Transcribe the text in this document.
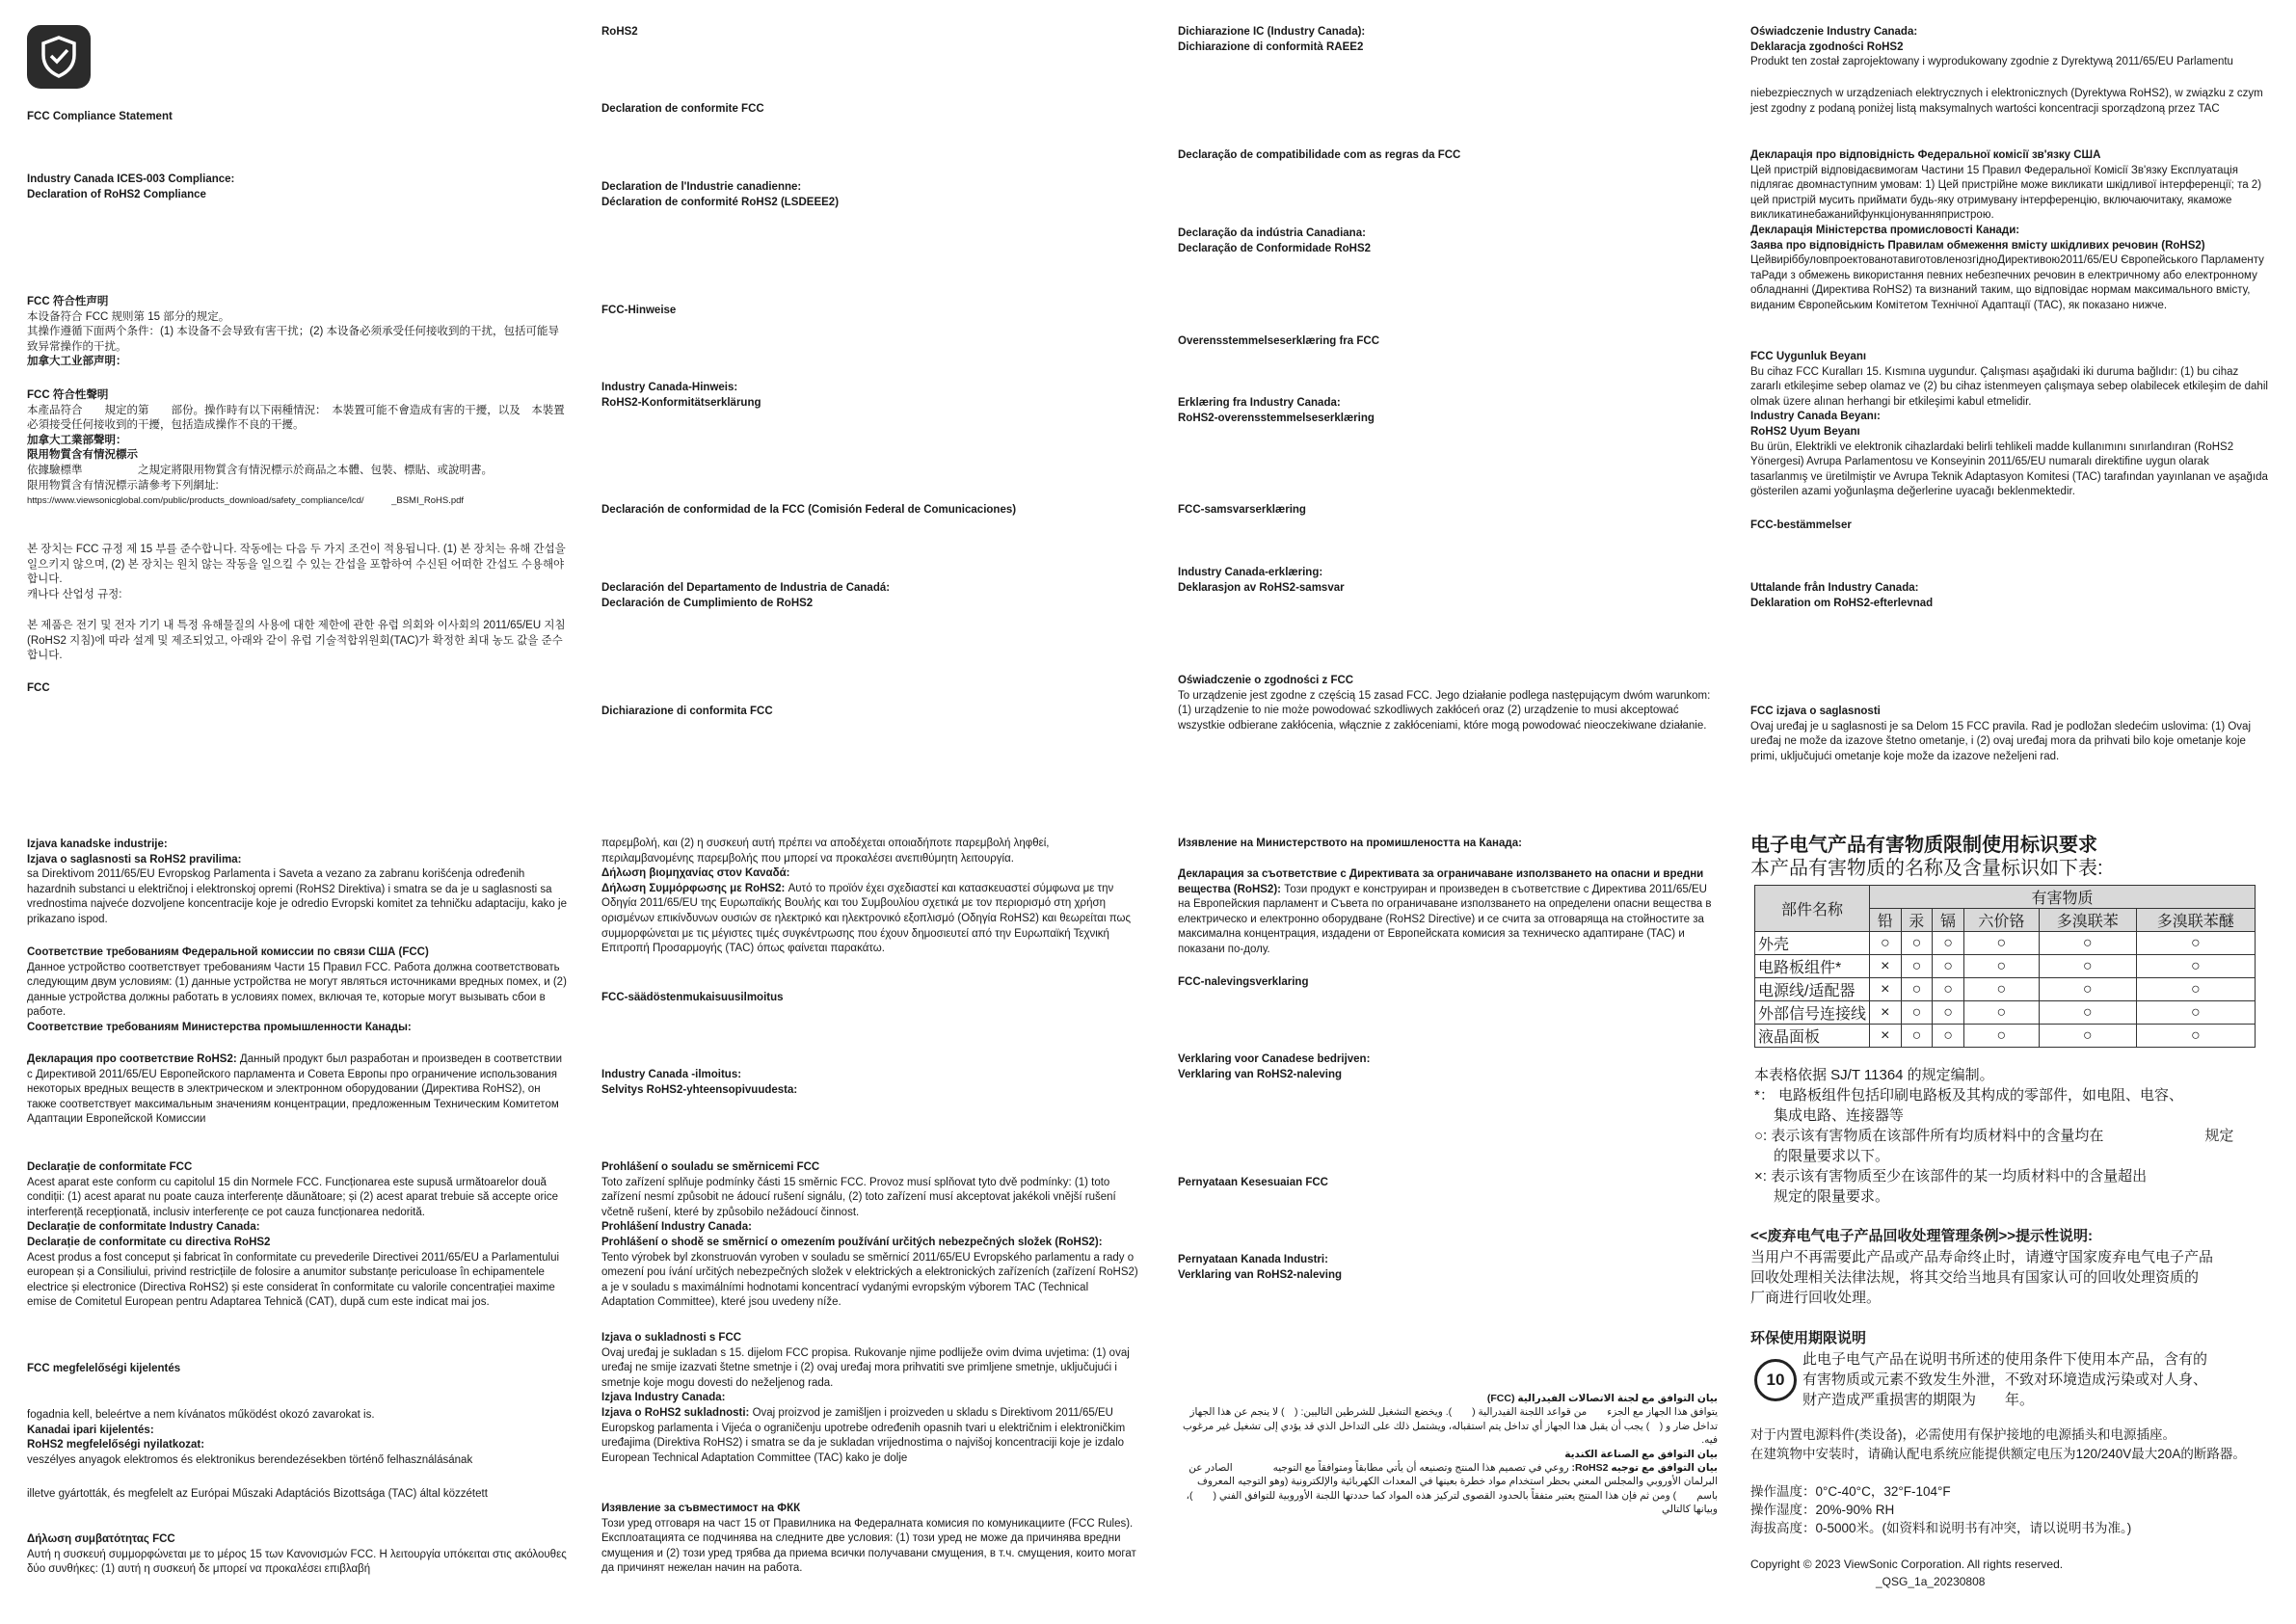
FCC Compliance Statement
Industry Canada ICES-003 Compliance:
Declaration of RoHS2 Compliance
FCC 符合性声明
本设备符合 FCC 规则第 15 部分的规定。
其操作遵循下面两个条件：(1) 本设备不会导致有害干扰；(2) 本设备必须承受任何接收到的干扰，包括可能导致异常操作的干扰。
加拿大工业部声明：
FCC 符合性聲明
本產品符合　　規定的第　　部份。操作時有以下兩種情況：　本裝置可能不會造成有害的干擾，以及　本裝置必須接受任何接收到的干擾，包括造成操作不良的干擾。
加拿大工業部聲明：
限用物質含有情況標示
依據驗標準　　　　　之規定將限用物質含有情況標示於商品之本體、包裝、標貼、或說明書。
限用物質含有情況標示請參考下列網址:
https://www.viewsonicglobal.com/public/products_download/safety_compliance/lcd/　　　_BSMI_RoHS.pdf
본 장치는 FCC 규정 제 15 부를 준수합니다. 작동에는 다음 두 가지 조건이 적용됩니다. (1) 본 장치는 유해 간섭을 일으키지 않으며, (2) 본 장치는 원치 않는 작동을 일으킬 수 있는 간섭을 포함하여 수신된 어떠한 간섭도 수용해야 합니다.
캐나다 산업성 규정:
본 제품은 전기 및 전자 기기 내 특정 유해물질의 사용에 대한 제한에 관한 유럽 의회와 이사회의 2011/65/EU 지침(RoHS2 지침)에 따라 설계 및 제조되었고, 아래와 같이 유럽 기술적합위원회(TAC)가 확정한 최대 농도 값을 준수합니다.
FCC
Izjava kanadske industrije:
Izjava o saglasnosti sa RoHS2 pravilima:
sa Direktivom 2011/65/EU Evropskog Parlamenta i Saveta a vezano za zabranu korišćenja određenih hazardnih substanci u električnoj i elektronskoj opremi (RoHS2 Direktiva) i smatra se da je u saglasnosti sa vrednostima najveće dozvoljene koncentracije koje je odredio Evropski komitet za tehničku adaptaciju, kako je prikazano ispod.
Соответствие требованиям Федеральной комиссии по связи США (FCC)
Данное устройство соответствует требованиям Части 15 Правил FCC. Работа должна соответствовать следующим двум условиям: (1) данные устройства не могут являться источниками вредных помех, и (2) данные устройства должны работать в условиях помех, включая те, которые могут вызывать сбои в работе.
Соответствие требованиям Министерства промышленности Канады:
Декларация про соответствие RoHS2: Данный продукт был разработан и произведен в соответствии с Директивой 2011/65/EU Европейского парламента и Совета Европы про ограничение использования некоторых вредных веществ в электрическом и электронном оборудовании (Директива RoHS2), он также соответствует максимальным значениям концентрации, предложенным Техническим Комитетом Адаптации Европейской Комиссии
Declarație de conformitate FCC
Acest aparat este conform cu capitolul 15 din Normele FCC. Funcționarea este supusă următoarelor două condiții: (1) acest aparat nu poate cauza interferențe dăunătoare; și (2) acest aparat trebuie să accepte orice interferență recepționată, inclusiv interferențe ce pot cauza funcționarea nedorită.
Declarație de conformitate Industry Canada:
Declarație de conformitate cu directiva RoHS2
Acest produs a fost conceput și fabricat în conformitate cu prevederile Directivei 2011/65/EU a Parlamentului european și a Consiliului, privind restricțiile de folosire a anumitor substanțe periculoase în echipamentele electrice și electronice (Directiva RoHS2) și este considerat în conformitate cu valorile concentrației maxime emise de Comitetul European pentru Adaptarea Tehnică (CAT), după cum este indicat mai jos.
FCC megfelelőségi kijelentés
fogadnia kell, beleértve a nem kívánatos működést okozó zavarokat is.
Kanadai ipari kijelentés:
RoHS2 megfelelőségi nyilatkozat:
veszélyes anyagok elektromos és elektronikus berendezésekben történő felhasználásának
illetve gyártották, és megfelelt az Európai Műszaki Adaptációs Bizottsága (TAC) által közzétett
Δήλωση συμβατότητας FCC
Αυτή η συσκευή συμμορφώνεται με το μέρος 15 των Κανονισμών FCC. Η λειτουργία υπόκειται στις ακόλουθες δύο συνθήκες: (1) αυτή η συσκευή δε μπορεί να προκαλέσει επιβλαβή
RoHS2
Declaration de conformite FCC
Declaration de l'Industrie canadienne:
Déclaration de conformité RoHS2 (LSDEEE2)
FCC-Hinweise
Industry Canada-Hinweis:
RoHS2-Konformitätserklärung
Declaración de conformidad de la FCC (Comisión Federal de Comunicaciones)
Declaración del Departamento de Industria de Canadá:
Declaración de Cumplimiento de RoHS2
Dichiarazione di conformita FCC
παρεμβολή, και (2) η συσκευή αυτή πρέπει να αποδέχεται οποιαδήποτε παρεμβολή ληφθεί, περιλαμβανομένης παρεμβολής που μπορεί να προκαλέσει ανεπιθύμητη λειτουργία.
Δήλωση βιομηχανίας στον Καναδά:
Δήλωση Συμμόρφωσης με RoHS2: Αυτό το προϊόν έχει σχεδιαστεί και κατασκευαστεί σύμφωνα με την Οδηγία 2011/65/EU της Ευρωπαϊκής Βουλής και του Συμβουλίου σχετικά με τον περιορισμό στη χρήση ορισμένων επικίνδυνων ουσιών σε ηλεκτρικό και ηλεκτρονικό εξοπλισμό (Οδηγία RoHS2) και θεωρείται πως συμμορφώνεται με τις μέγιστες τιμές συγκέντρωσης που έχουν δημοσιευτεί από την Ευρωπαϊκή Τεχνική Επιτροπή Προσαρμογής (TAC) όπως φαίνεται παρακάτω.
FCC-säädöstenmukaisuusilmoitus
Industry Canada -ilmoitus:
Selvitys RoHS2-yhteensopivuudesta:
Prohlášení o souladu se směrnicemi FCC
Toto zařízení splňuje podmínky části 15 směrnic FCC. Provoz musí splňovat tyto dvě podmínky: (1) toto zařízení nesmí způsobit ne ádoucí rušení signálu, (2) toto zařízení musí akceptovat jakékoli vnější rušení včetně rušení, které by způsobilo nežádoucí činnost.
Prohlášení Industry Canada:
Prohlášení o shodě se směrnicí o omezením používání určitých nebezpečných složek (RoHS2):
Tento výrobek byl zkonstruován vyroben v souladu se směrnicí 2011/65/EU Evropského parlamentu a rady o omezení pou ívání určitých nebezpečných složek v elektrických a elektronických zařízeních (zařízení RoHS2) a je v souladu s maximálními hodnotami koncentrací vydanými evropským výborem TAC (Technical Adaptation Committee), které jsou uvedeny níže.
Izjava o sukladnosti s FCC
Ovaj uređaj je sukladan s 15. dijelom FCC propisa. Rukovanje njime podliježe ovim dvima uvjetima: (1) ovaj uređaj ne smije izazvati štetne smetnje i (2) ovaj uređaj mora prihvatiti sve primljene smetnje, uključujući i smetnje koje mogu dovesti do neželjenog rada.
Izjava Industry Canada:
Izjava o RoHS2 sukladnosti: Ovaj proizvod je zamišljen i proizveden u skladu s Direktivom 2011/65/EU Europskog parlamenta i Vijeća o ograničenju upotrebe određenih opasnih tvari u električnim i elektroničkim uređajima (Direktiva RoHS2) i smatra se da je sukladan vrijednostima o najvišoj koncentraciji koje je izdalo European Technical Adaptation Committee (TAC) kako je dolje
Изявление за съвместимост на ФКК
Този уред отговаря на част 15 от Правилника на Федералната комисия по комуникациите (FCC Rules). Експлоатацията се подчинява на следните две условия: (1) този уред не може да причинява вредни смущения и (2) този уред трябва да приема всички получавани смущения, в т.ч. смущения, които могат да причинят нежелан начин на работа.
Dichiarazione IC (Industry Canada):
Dichiarazione di conformità RAEE2
Declaração de compatibilidade com as regras da FCC
Declaração da indústria Canadiana:
Declaração de Conformidade RoHS2
Overensstemmelseserklæring fra FCC
Erklæring fra Industry Canada:
RoHS2-overensstemmelseserklæring
FCC-samsvarserklæring
Industry Canada-erklæring:
Deklarasjon av RoHS2-samsvar
Oświadczenie o zgodności z FCC
To urządzenie jest zgodne z częścią 15 zasad FCC. Jego działanie podlega następującym dwóm warunkom: (1) urządzenie to nie może powodować szkodliwych zakłóceń oraz (2) urządzenie to musi akceptować wszystkie odbierane zakłócenia, włącznie z zakłóceniami, które mogą powodować nieoczekiwane działanie.
Изявление на Министерството на промишлеността на Канада:
Декларация за съответствие с Директивата за ограничаване използването на опасни и вредни вещества (RoHS2): Този продукт е конструиран и произведен в съответствие с Директива 2011/65/EU на Европейския парламент и Съвета по ограничаване използването на определени опасни вещества в електрическо и електронно оборудване (RoHS2 Directive) и се счита за отговаряща на стойностите за максимална концентрация, издадени от Европейската комисия за техническо адаптиране (TAC) и показани по-долу.
FCC-nalevingsverklaring
Verklaring voor Canadese bedrijven:
Verklaring van RoHS2-naleving
Pernyataan Kesesuaian FCC
Pernyataan Kanada Industri:
Verklaring van RoHS2-naleving
بيان التوافق مع لجنة الاتصالات الفيدرالية (FCC)
يتوافق هذا الجهاز مع الجزء　　من قواعد اللجنة الفيدرالية (　　). ويخضع التشغيل للشرطين التاليين: (　) لا ينجم عن هذا الجهاز تداخل ضار و (　) يجب أن يقبل هذا الجهاز أي تداخل يتم استقباله، ويشتمل ذلك على التداخل الذي قد يؤدي إلى تشغيل غير مرغوب فيه.
بيان التوافق مع الصناعة الكندية
بيان التوافق مع توجيه RoHS2: روعي في تصميم هذا المنتج وتصنيعه أن يأتي مطابقاً ومتوافقاً مع التوجيه　　　　الصادر عن البرلمان الأوروبي والمجلس المعني بحظر استخدام مواد خطرة بعينها في المعدات الكهربائية والإلكترونية (وهو التوجيه المعروف باسم　　) ومن ثم فإن هذا المنتج يعتبر متفقاً بالحدود القصوى لتركيز هذه المواد كما حددتها اللجنة الأوروبية للتوافق الفني (　　)، وبيانها كالتالي
Oświadczenie Industry Canada:
Deklaracja zgodności RoHS2
Produkt ten został zaprojektowany i wyprodukowany zgodnie z Dyrektywą 2011/65/EU Parlamentu
niebezpiecznych w urządzeniach elektrycznych i elektronicznych (Dyrektywa RoHS2), w związku z czym jest zgodny z podaną poniżej listą maksymalnych wartości koncentracji sporządzoną przez TAC
Декларація про відповідність Федеральної комісії зв'язку США
Цей пристрій відповідаєвимогам Частини 15 Правил Федеральної Комісії Зв'язку Експлуатація підлягає двомнаступним умовам: 1) Цей пристрійне може викликати шкідливої інтерференції; та 2) цей пристрій мусить приймати будь-яку отримувану інтерференцію, включаючитаку, якаможе викликатинебажанийфункціонуванняпристрою.
Декларація Міністерства промисловості Канади:
Заява про відповідність Правилам обмеження вмісту шкідливих речовин (RoHS2)
ЦейвиріббуловпроектованотавиготовленозгідноДирективою2011/65/EU Європейського Парламенту таРади з обмежень використання певних небезпечних речовин в електричному або електронному обладнанні (Директива RoHS2) та визнаний таким, що відповідає нормам максимального вмісту, виданим Європейським Комітетом Технічної Адаптації (TAC), як показано нижче.
FCC Uygunluk Beyanı
Bu cihaz FCC Kuralları 15. Kısmına uygundur. Çalışması aşağıdaki iki duruma bağlıdır: (1) bu cihaz zararlı etkileşime sebep olamaz ve (2) bu cihaz istenmeyen çalışmaya sebep olabilecek etkileşim de dahil olmak üzere alınan herhangi bir etkileşimi kabul etmelidir.
Industry Canada Beyanı:
RoHS2 Uyum Beyanı
Bu ürün, Elektrikli ve elektronik cihazlardaki belirli tehlikeli madde kullanımını sınırlandıran (RoHS2 Yönergesi) Avrupa Parlamentosu ve Konseyinin 2011/65/EU numaralı direktifine uygun olarak tasarlanmış ve üretilmiştir ve Avrupa Teknik Adaptasyon Komitesi (TAC) tarafından yayınlanan ve aşağıda gösterilen azami yoğunlaşma değerlerine uyacağı beklenmektedir.
FCC-bestämmelser
Uttalande från Industry Canada:
Deklaration om RoHS2-efterlevnad
FCC izjava o saglasnosti
Ovaj uređaj je u saglasnosti je sa Delom 15 FCC pravila. Rad je podložan sledećim uslovima: (1) Ovaj uređaj ne može da izazove štetno ometanje, i (2) ovaj uređaj mora da prihvati bilo koje ometanje koje primi, uključujući ometanje koje može da izazove neželjeni rad.
电子电气产品有害物质限制使用标识要求
本产品有害物质的名称及含量标识如下表:
部件名称	有害物质					
	铅	汞	镉	六价铬	多溴联苯	多溴联苯醚
外壳	○	○	○	○	○	○
电路板组件*	×	○	○	○	○	○
电源线/适配器	×	○	○	○	○	○
外部信号连接线	×	○	○	○	○	○
液晶面板	×	○	○	○	○	○
本表格依据 SJ/T 11364 的规定编制。
*： 电路板组件包括印刷电路板及其构成的零部件，如电阻、电容、
集成电路、连接器等
○: 表示该有害物质在该部件所有均质材料中的含量均在　　　　　　　规定
的限量要求以下。
×: 表示该有害物质至少在该部件的某一均质材料中的含量超出
规定的限量要求。
<<废弃电气电子产品回收处理管理条例>>提示性说明:
当用户不再需要此产品或产品寿命终止时，请遵守国家废弃电气电子产品
回收处理相关法律法规，将其交给当地具有国家认可的回收处理资质的
厂商进行回收处理。
环保使用期限说明
10
此电子电气产品在说明书所述的使用条件下使用本产品，含有的
有害物质或元素不致发生外泄，不致对环境造成污染或对人身、
财产造成严重损害的期限为　　年。
对于内置电源料件(类设备)，必需使用有保护接地的电源插头和电源插座。
在建筑物中安装时，请确认配电系统应能提供额定电压为120/240V最大20A的断路器。
操作温度：0°C-40°C，32°F-104°F
操作湿度：20%-90% RH
海拔高度：0-5000米。(如资料和说明书有冲突，请以说明书为准。)
Copyright © 2023 ViewSonic Corporation. All rights reserved.
_QSG_1a_20230808
